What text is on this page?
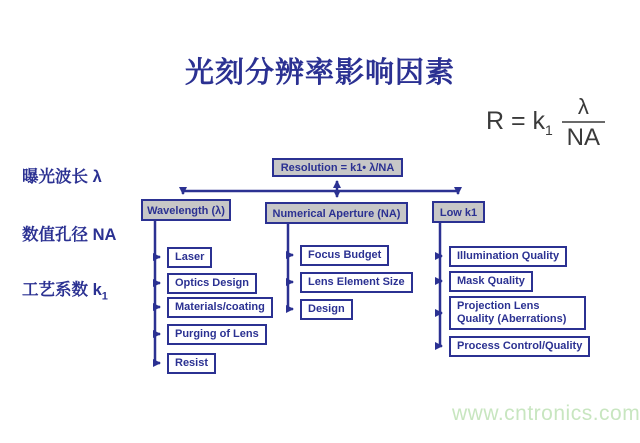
光刻分辨率影响因素
$R = k_1 \frac{\lambda}{NA}$
曝光波长 λ
数值孔径 NA
工艺系数 $k_1$
Resolution = k1• λ/NA
Wavelength (λ)	Numerical Aperture (NA)	Low k1
Laser
Optics Design
Materials/coating
Purging of Lens
Resist
Focus Budget
Lens Element Size
Design
Illumination Quality
Mask Quality
Projection Lens Quality (Aberrations)
Process Control/Quality
www.cntronics.com
